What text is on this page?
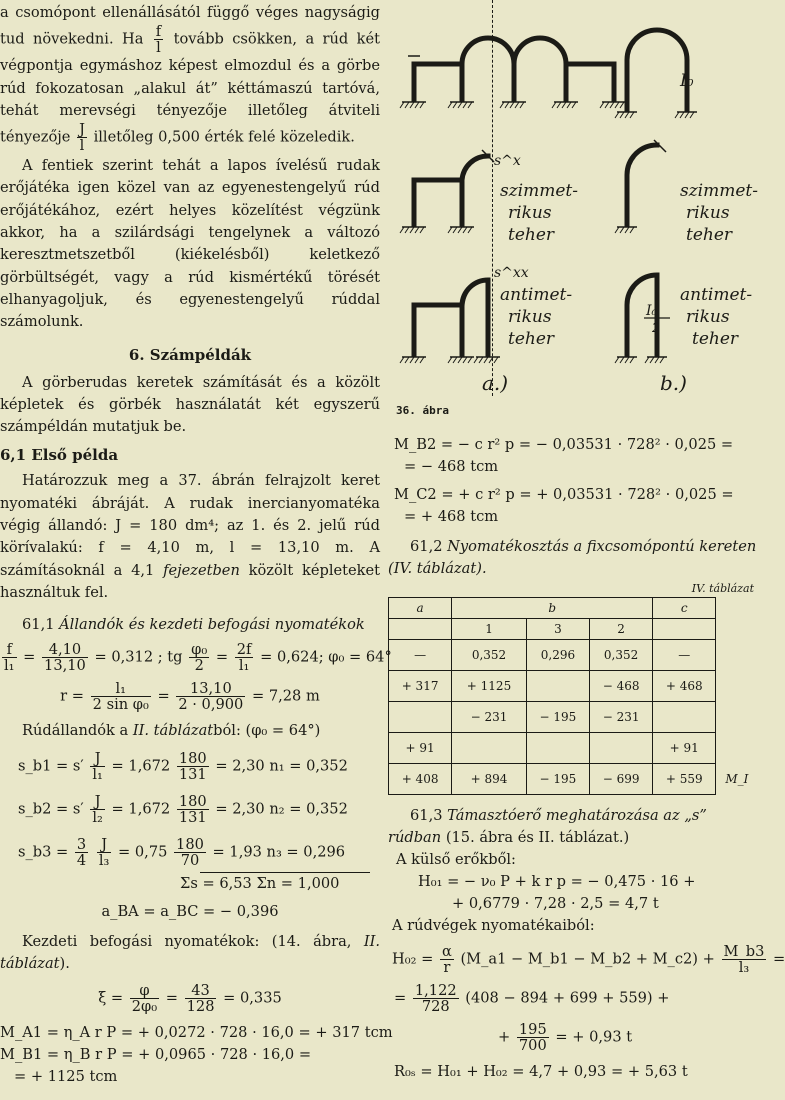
a csomópont ellenállásától függő véges nagyságig tud növekedni. Ha $\frac{f}{l}$ tovább csökken, a rúd két végpontja egymáshoz képest elmozdul és a görbe rúd fokozatosan „alakul át” kéttámaszú tartóvá, tehát merevségi tényezője illetőleg átviteli tényezője $\frac{J}{l}$ illetőleg 0,500 érték felé közeledik.

A fentiek szerint tehát a lapos ívelésű rudak erőjátéka igen közel van az egyenestengelyű rúd erőjátékához, ezért helyes közelítést végzünk akkor, ha a szilárdsági tengelynek a változó keresztmetszetből (kiékelésből) keletkező görbültségét, vagy a rúd kismértékű törését elhanyagoljuk, és egyenestengelyű rúddal számolunk.

6. Számpéldák

A görberudas keretek számítását és a közölt képletek és görbék használatát két egyszerű számpéldán mutatjuk be.

6,1 Első példa

Határozzuk meg a 37. ábrán felrajzolt keret nyomatéki ábráját. A rudak inercianyomatéka végig állandó: J = 180 dm⁴; az 1. és 2. jelű rúd körívalakú: f = 4,10 m, l = 13,10 m. A számításoknál a 4,1 fejezetben közölt képleteket használtuk fel.

61,1 Állandók és kezdeti befogási nyomatékok

$\frac{f}{\text{l₁}} = \frac{4,10}{13,10} = 0,312$ ; tg $\frac{\text{φ₀}}{2} = \frac{2f}{\text{l₁}} = 0,624$; φ₀ = 64°
$r = \frac{\text{l₁}}{\text{2 sin φ₀}} = \frac{13,10}{2 \cdot 0,900} = 7,28$ m

Rúdállandók a II. táblázatból: (φ₀ = 64°)

s_b1 = $s' \frac{J}{\text{l₁}} = 1,672 \frac{180}{131} = 2,30$ n₁ = 0,352
s_b2 = $s' \frac{J}{\text{l₂}} = 1,672 \frac{180}{131} = 2,30$ n₂ = 0,352
s_b3 = $\frac{3}{4}$
$\frac{J}{\text{l₃}} = 0,75 \frac{180}{70} = 1,93$ n₃ = 0,296
Σs = 6,53 Σn = 1,000
a_BA = a_BC = − 0,396

Kezdeti befogási nyomatékok: (14. ábra, II. táblázat).

$\xi = \frac{\varphi}{\text{2φ₀}} = \frac{43}{128} = 0,335$
M_A1 = η_A r P = + 0,0272 · 728 · 16,0 = + 317 tcm
M_B1 = η_B r P = + 0,0965 · 728 · 16,0 =
= + 1125 tcm
s^x
s^xx
I₀
I₀
2
szimmet-
rikus
teher
szimmet-
rikus
teher
antimet-
rikus
teher
antimet-
rikus
teher
a.)	b.)
36. ábra
M_B2 = − c r² p = − 0,03531 · 728² · 0,025 =
= − 468 tcm
M_C2 = + c r² p = + 0,03531 · 728² · 0,025 =
= + 468 tcm

61,2 Nyomatékosztás a fixcsomópontú kereten (IV. táblázat).

IV. táblázat
a	b			c	
	1	3	2		
—	0,352	0,296	0,352	—	
+ 317	+ 1125		− 468	+ 468	
	− 231	− 195	− 231		
+ 91				+ 91	
+ 408	+ 894	− 195	− 699	+ 559	M_I

61,3 Támasztóerő meghatározása az „s” rúdban (15. ábra és II. táblázat.)

A külső erőkből:

H₀₁ = − ν₀ P + k r p = − 0,475 · 16 +
+ 0,6779 · 7,28 · 2,5 = 4,7 t

A rúdvégek nyomatékaiból:

$H_{02} = \frac{\alpha}{r}$ (M_a1 − M_b1 − M_b2 + M_c2) + $\frac{M\_b3}{\text{l₃}}$ =
= $\frac{1,122}{728} (408 - 894 + 699 + 559)$ +
+ $\frac{195}{700}$ = + 0,93 t
R₀ₛ = H₀₁ + H₀₂ = 4,7 + 0,93 = + 5,63 t
